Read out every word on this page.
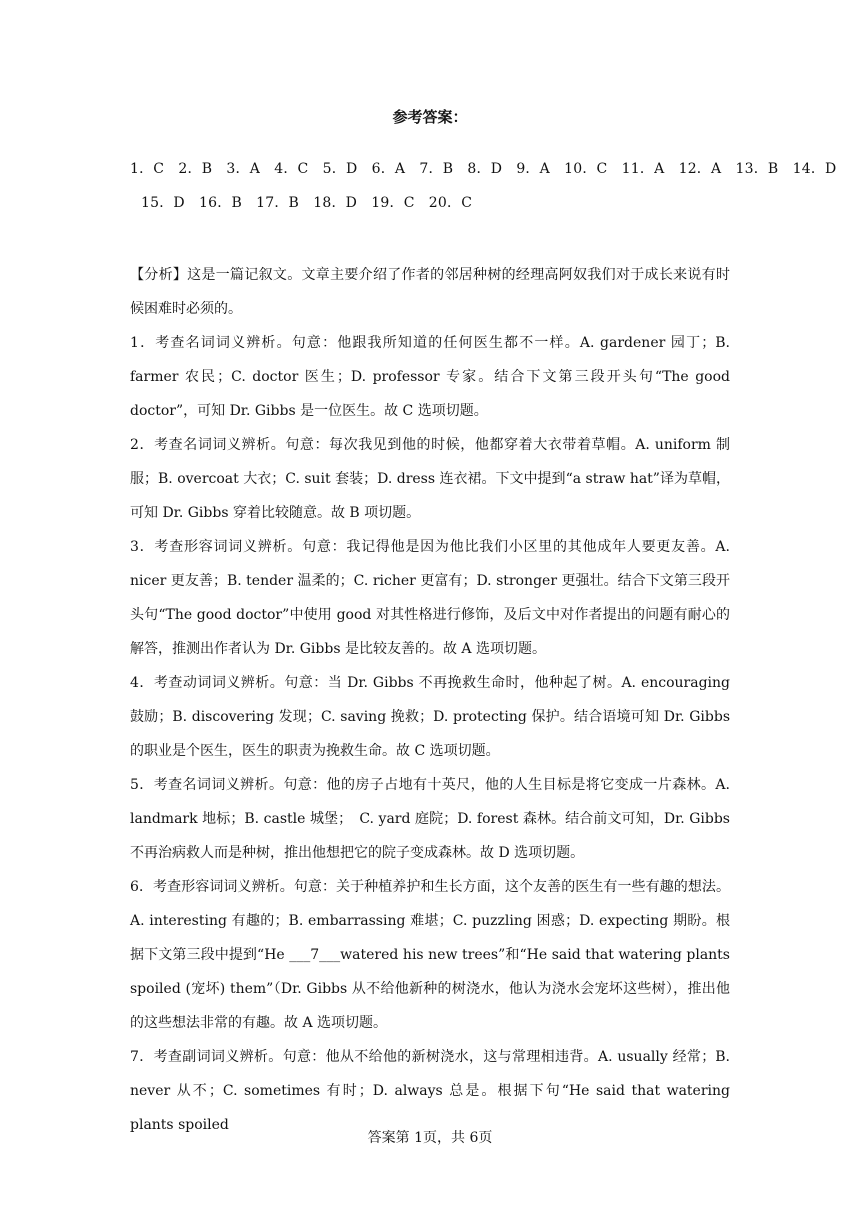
参考答案：
1．C　2．B　3．A　4．C　5．D　6．A　7．B　8．D　9．A　10．C　11．A　12．A　13．B　14．D
15．D　16．B　17．B　18．D　19．C　20．C

【分析】这是一篇记叙文。文章主要介绍了作者的邻居种树的经理高阿奴我们对于成长来说有时候困难时必须的。

1．考查名词词义辨析。句意：他跟我所知道的任何医生都不一样。A. gardener 园丁；B. farmer 农民；C. doctor 医生；D. professor 专家。结合下文第三段开头句“The good doctor”，可知 Dr. Gibbs 是一位医生。故 C 选项切题。

2．考查名词词义辨析。句意：每次我见到他的时候，他都穿着大衣带着草帽。A. uniform 制服；B. overcoat 大衣；C. suit 套装；D. dress 连衣裙。下文中提到“a straw hat”译为草帽，可知 Dr. Gibbs 穿着比较随意。故 B 项切题。

3．考查形容词词义辨析。句意：我记得他是因为他比我们小区里的其他成年人要更友善。A. nicer 更友善；B. tender 温柔的；C. richer 更富有；D. stronger 更强壮。结合下文第三段开头句“The good doctor”中使用 good 对其性格进行修饰，及后文中对作者提出的问题有耐心的解答，推测出作者认为 Dr. Gibbs 是比较友善的。故 A 选项切题。

4．考查动词词义辨析。句意：当 Dr. Gibbs 不再挽救生命时，他种起了树。A. encouraging 鼓励；B. discovering 发现；C. saving 挽救；D. protecting 保护。结合语境可知 Dr. Gibbs 的职业是个医生，医生的职责为挽救生命。故 C 选项切题。

5．考查名词词义辨析。句意：他的房子占地有十英尺，他的人生目标是将它变成一片森林。A. landmark 地标；B. castle 城堡；　C. yard 庭院；D. forest 森林。结合前文可知，Dr. Gibbs 不再治病救人而是种树，推出他想把它的院子变成森林。故 D 选项切题。

6．考查形容词词义辨析。句意：关于种植养护和生长方面，这个友善的医生有一些有趣的想法。A. interesting 有趣的；B. embarrassing 难堪；C. puzzling 困惑；D. expecting 期盼。根据下文第三段中提到“He ___7___watered his new trees”和“He said that watering plants spoiled (宠坏) them”（Dr. Gibbs 从不给他新种的树浇水，他认为浇水会宠坏这些树），推出他的这些想法非常的有趣。故 A 选项切题。

7．考查副词词义辨析。句意：他从不给他的新树浇水，这与常理相违背。A. usually 经常；B. never 从不；C. sometimes 有时；D. always 总是。根据下句“He said that watering plants spoiled

答案第 1页，共 6页
